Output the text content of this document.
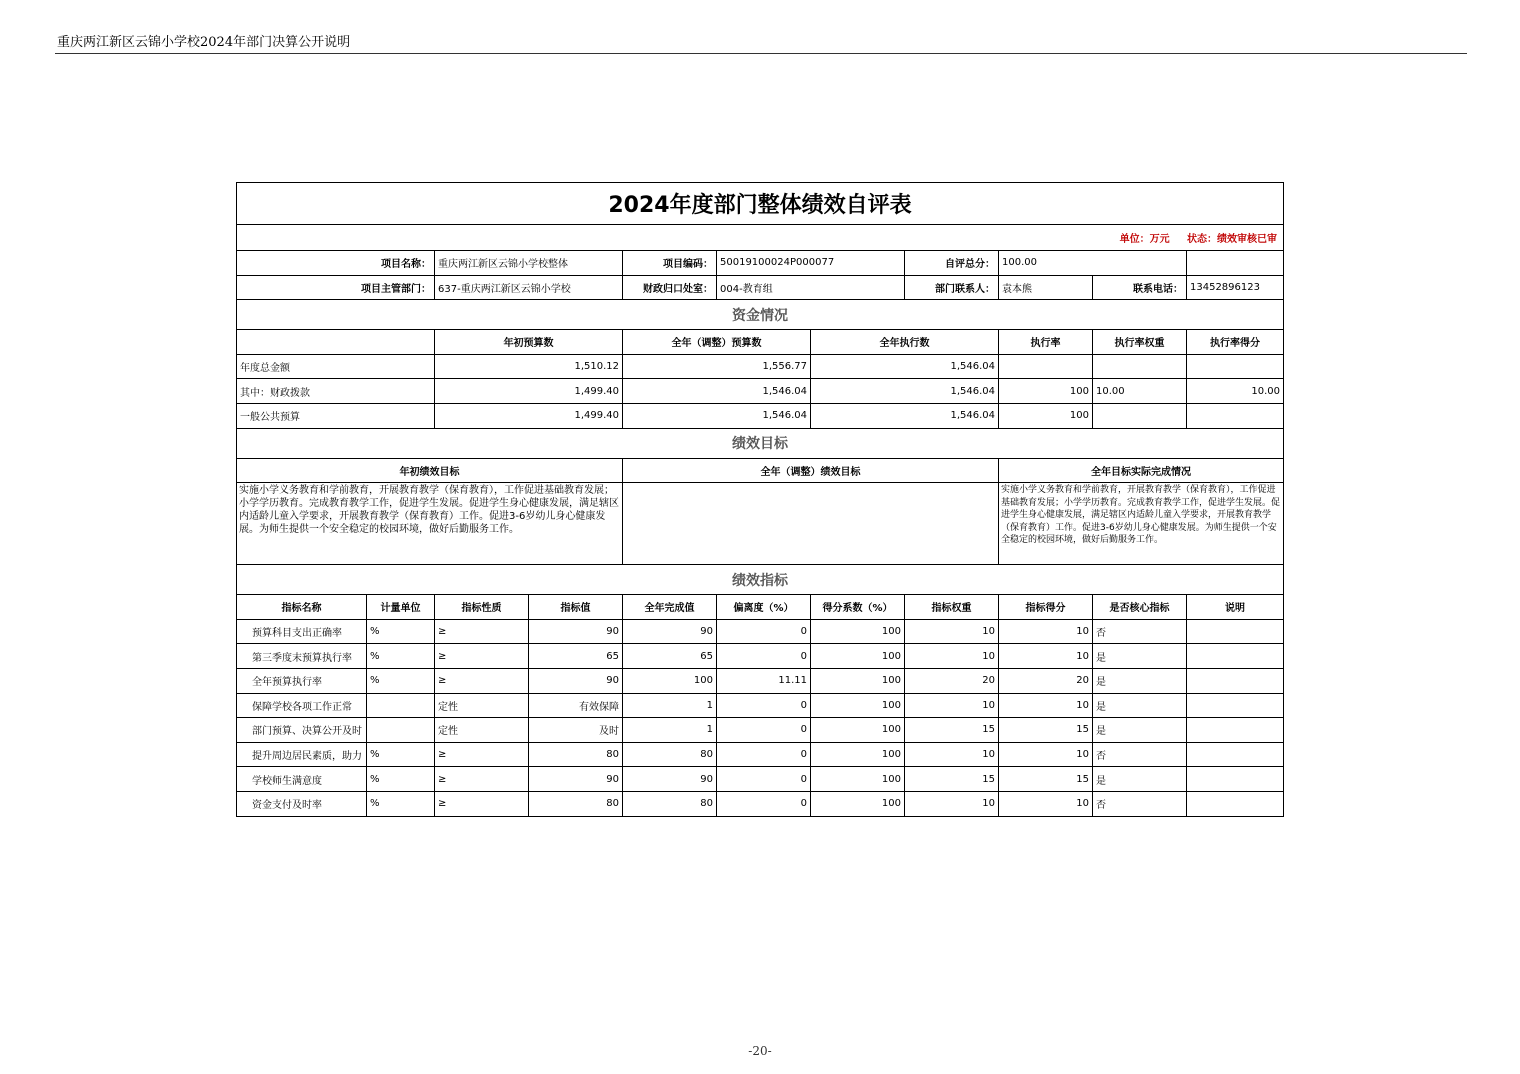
重庆两江新区云锦小学校2024年部门决算公开说明
2024年度部门整体绩效自评表										
单位：万元     状态：绩效审核已审										
项目名称：		重庆两江新区云锦小学校整体		项目编码：	50019100024P000077		自评总分：	100.00		
项目主管部门：		637-重庆两江新区云锦小学校		财政归口处室：	004-教育组		部门联系人：	袁本熊	联系电话：	13452896123
资金情况										
		年初预算数		全年（调整）预算数		全年执行数		执行率	执行率权重	执行率得分
年度总金额		1,510.12		1,556.77		1,546.04				
其中：财政拨款		1,499.40		1,546.04		1,546.04		100	10.00	10.00
一般公共预算		1,499.40		1,546.04		1,546.04		100		
绩效目标										
年初绩效目标				全年（调整）绩效目标				全年目标实际完成情况		
实施小学义务教育和学前教育，开展教育教学（保育教育），工作促进基础教育发展；小学学历教育。完成教育教学工作，促进学生发展。促进学生身心健康发展，满足辖区内适龄儿童入学要求，开展教育教学（保育教育）工作。促进3-6岁幼儿身心健康发展。为师生提供一个安全稳定的校园环境，做好后勤服务工作。								实施小学义务教育和学前教育，开展教育教学（保育教育），工作促进基础教育发展；小学学历教育。完成教育教学工作，促进学生发展。促进学生身心健康发展，满足辖区内适龄儿童入学要求，开展教育教学（保育教育）工作。促进3-6岁幼儿身心健康发展。为师生提供一个安全稳定的校园环境，做好后勤服务工作。		
绩效指标										
指标名称	计量单位	指标性质	指标值	全年完成值	偏离度（%）	得分系数（%）	指标权重	指标得分	是否核心指标	说明
预算科目支出正确率	%	≥	90	90	0	100	10	10	否	
第三季度末预算执行率	%	≥	65	65	0	100	10	10	是	
全年预算执行率	%	≥	90	100	11.11	100	20	20	是	
保障学校各项工作正常		定性	有效保障	1	0	100	10	10	是	
部门预算、决算公开及时		定性	及时	1	0	100	15	15	是	
提升周边居民素质，助力	%	≥	80	80	0	100	10	10	否	
学校师生满意度	%	≥	90	90	0	100	15	15	是	
资金支付及时率	%	≥	80	80	0	100	10	10	否	
-20-
